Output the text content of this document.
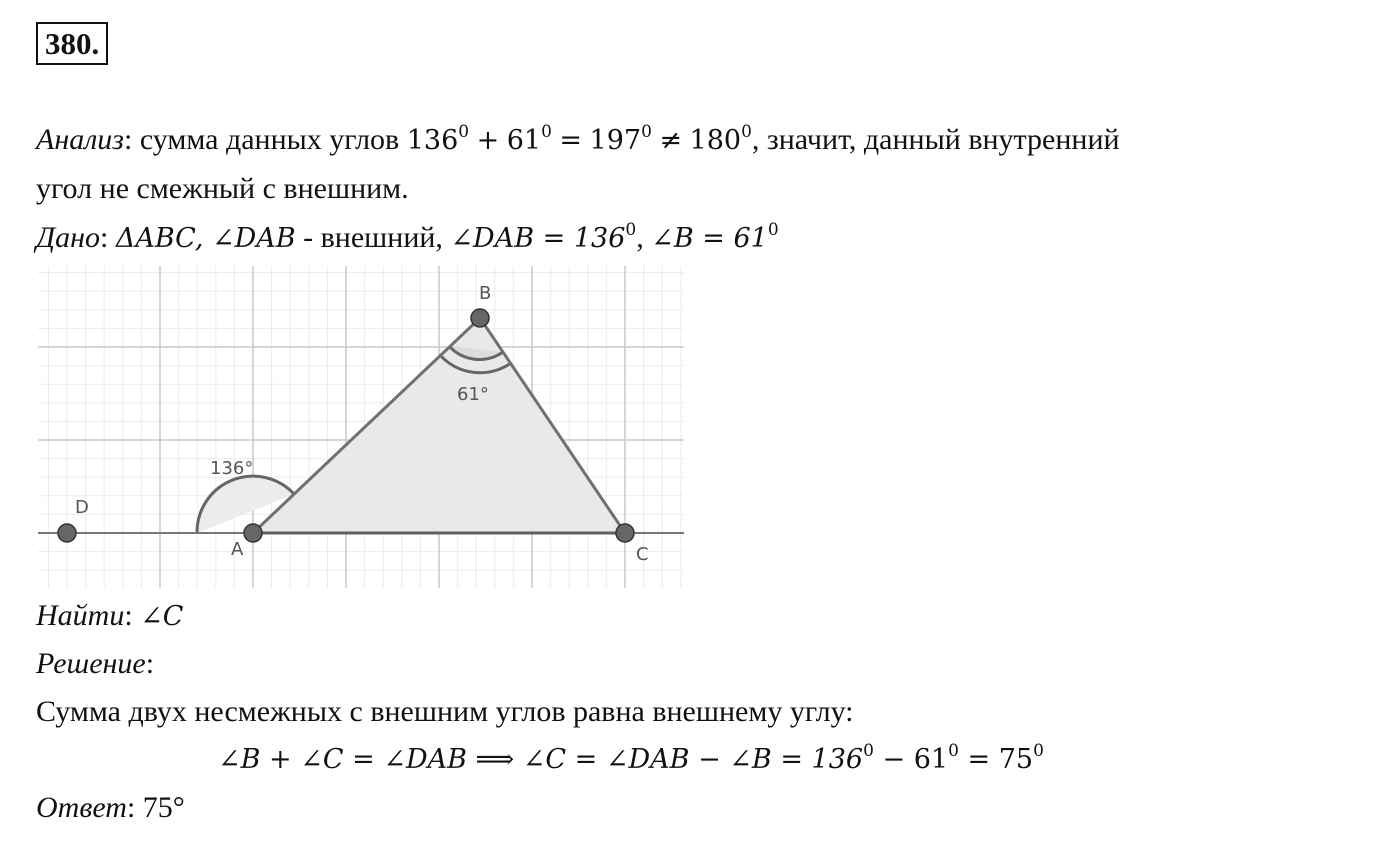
380.
Анализ: сумма данных углов $136^0 + 61^0 = 197^0 \ne 180^0$, значит, данный внутренний
угол не смежный с внешним.
Дано: ΔABC, ∠DAB - внешний, ∠DAB = $136^0$, ∠B = $61^0$
B
D
A	C
61°
136°
Найти: ∠C
Решение:
Сумма двух несмежных с внешним углов равна внешнему углу:
∠B + ∠C = ∠DAB ⟹ ∠C = ∠DAB − ∠B = $136^0 - 61^0 = 75^0$
Ответ: 75°
